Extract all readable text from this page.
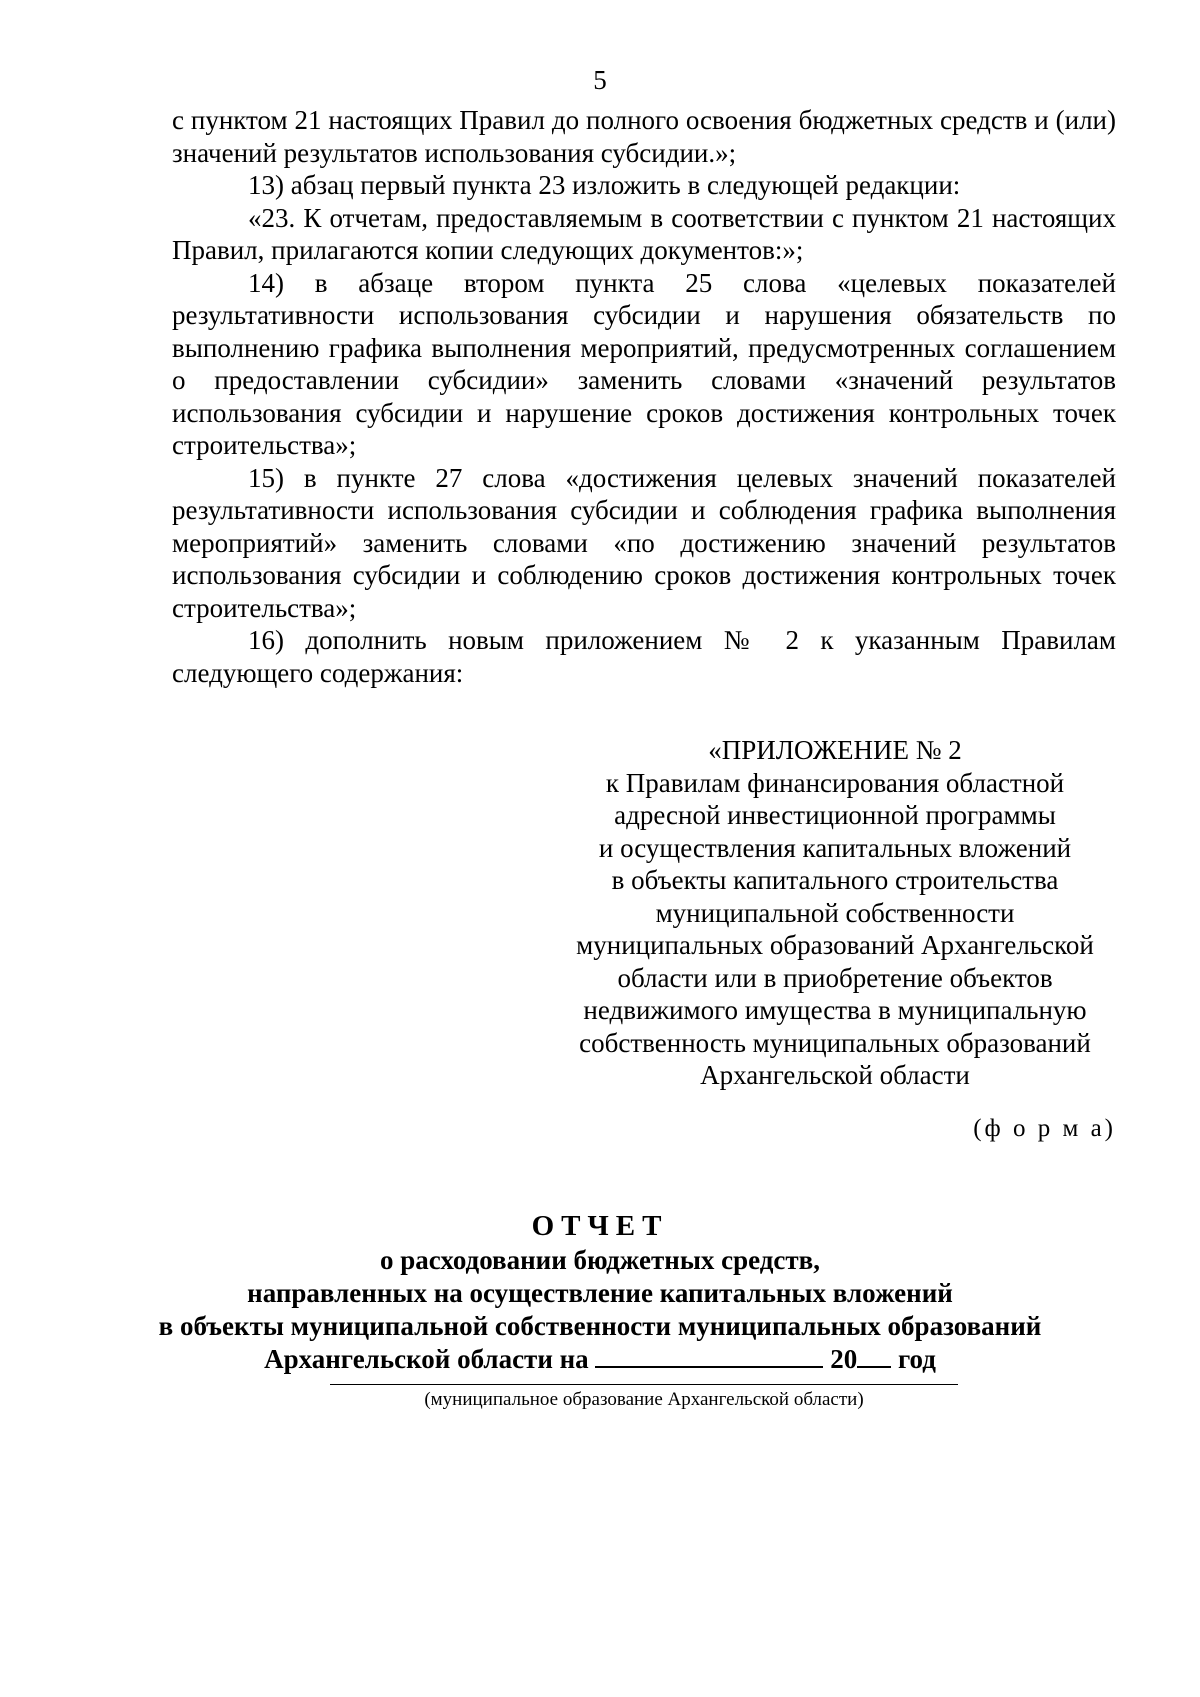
5

с пунктом 21 настоящих Правил до полного освоения бюджетных средств и (или) значений результатов использования субсидии.»;

13) абзац первый пункта 23 изложить в следующей редакции:

«23. К отчетам, предоставляемым в соответствии с пунктом 21 настоящих Правил, прилагаются копии следующих документов:»;

14) в абзаце втором пункта 25 слова «целевых показателей результативности использования субсидии и нарушения обязательств по выполнению графика выполнения мероприятий, предусмотренных соглашением о предоставлении субсидии» заменить словами «значений результатов использования субсидии и нарушение сроков достижения контрольных точек строительства»;

15) в пункте 27 слова «достижения целевых значений показателей результативности использования субсидии и соблюдения графика выполнения мероприятий» заменить словами «по достижению значений результатов использования субсидии и соблюдению сроков достижения контрольных точек строительства»;

16) дополнить новым приложением № 2 к указанным Правилам следующего содержания:

«ПРИЛОЖЕНИЕ № 2
к Правилам финансирования областной
адресной инвестиционной программы
и осуществления капитальных вложений
в объекты капитального строительства
муниципальной собственности
муниципальных образований Архангельской
области или в приобретение объектов
недвижимого имущества в муниципальную
собственность муниципальных образований
Архангельской области
(ф о р м а)
ОТЧЕТ
о расходовании бюджетных средств,
направленных на осуществление капитальных вложений
в объекты муниципальной собственности муниципальных образований
Архангельской области на	20 год
(муниципальное образование Архангельской области)
